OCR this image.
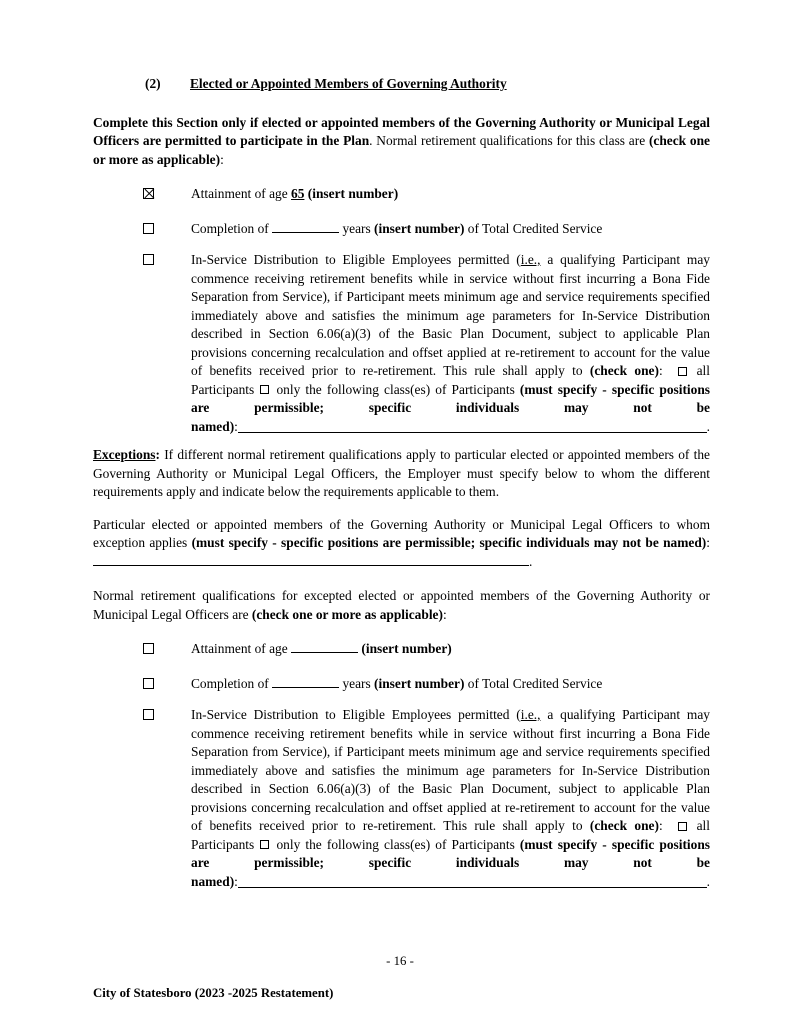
(2)	Elected or Appointed Members of Governing Authority
Complete this Section only if elected or appointed members of the Governing Authority or Municipal Legal Officers are permitted to participate in the Plan. Normal retirement qualifications for this class are (check one or more as applicable):
Attainment of age 65 (insert number)
Completion of	years (insert number) of Total Credited Service
In-Service Distribution to Eligible Employees permitted (i.e., a qualifying Participant may commence receiving retirement benefits while in service without first incurring a Bona Fide Separation from Service), if Participant meets minimum age and service requirements specified immediately above and satisfies the minimum age parameters for In-Service Distribution described in Section 6.06(a)(3) of the Basic Plan Document, subject to applicable Plan provisions concerning recalculation and offset applied at re-retirement to account for the value of benefits received prior to re-retirement. This rule shall apply to (check one):   all Participants  only the following class(es) of Participants (must specify - specific positions are permissible; specific individuals may not be
named) :	.
Exceptions: If different normal retirement qualifications apply to particular elected or appointed members of the Governing Authority or Municipal Legal Officers, the Employer must specify below to whom the different requirements apply and indicate below the requirements applicable to them.
Particular elected or appointed members of the Governing Authority or Municipal Legal Officers to whom exception applies (must specify - specific positions are permissible; specific individuals may not be named): .
Normal retirement qualifications for excepted elected or appointed members of the Governing Authority or Municipal Legal Officers are (check one or more as applicable):
Attainment of age	(insert number)
Completion of	years (insert number) of Total Credited Service
In-Service Distribution to Eligible Employees permitted (i.e., a qualifying Participant may commence receiving retirement benefits while in service without first incurring a Bona Fide Separation from Service), if Participant meets minimum age and service requirements specified immediately above and satisfies the minimum age parameters for In-Service Distribution described in Section 6.06(a)(3) of the Basic Plan Document, subject to applicable Plan provisions concerning recalculation and offset applied at re-retirement to account for the value of benefits received prior to re-retirement. This rule shall apply to (check one):   all Participants  only the following class(es) of Participants (must specify - specific positions are permissible; specific individuals may not be
named) :	.
- 16 -
City of Statesboro (2023 -2025 Restatement)
